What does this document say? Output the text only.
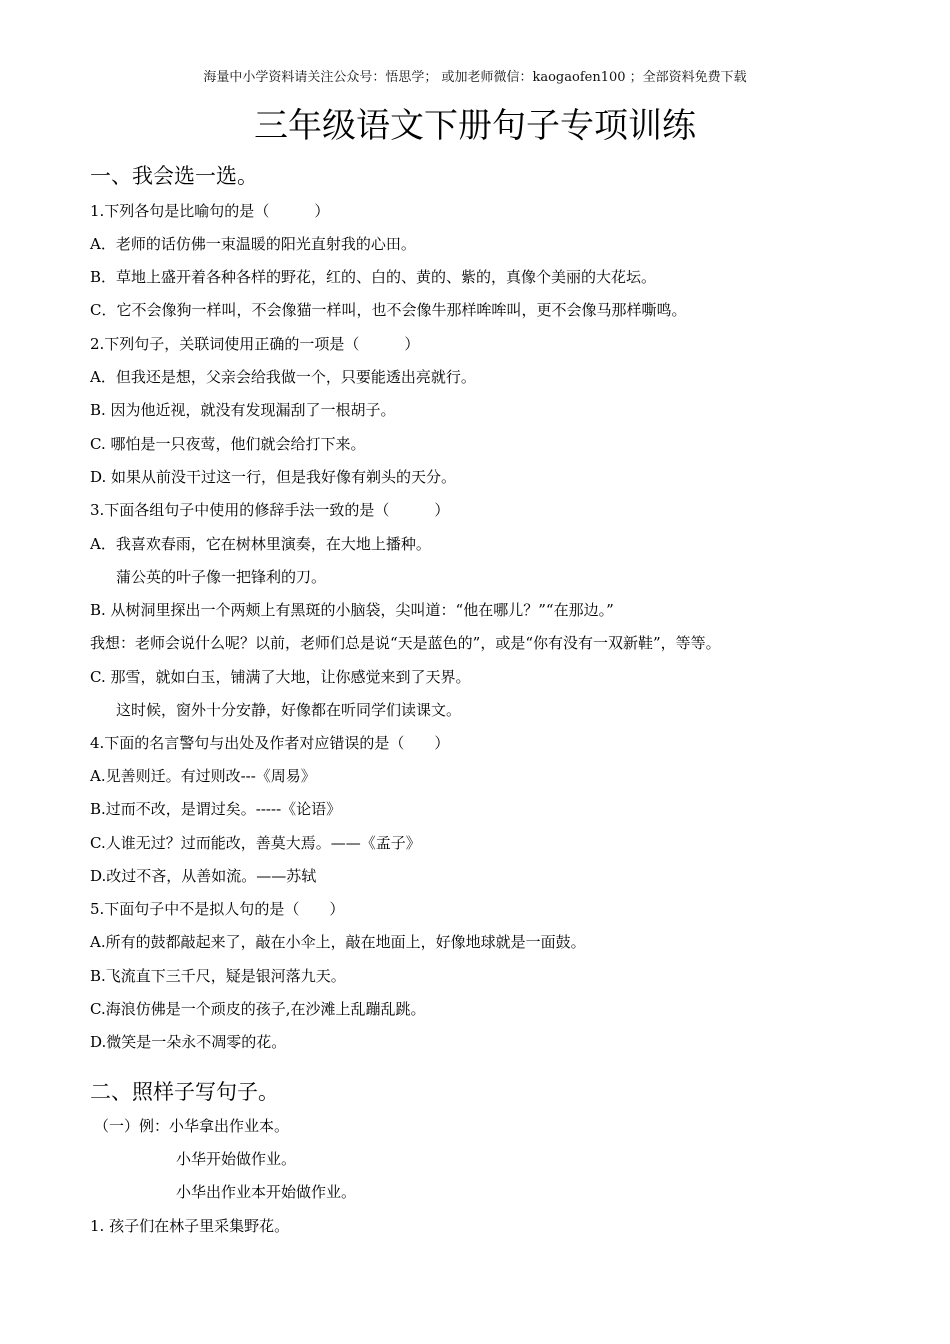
海量中小学资料请关注公众号：悟思学； 或加老师微信：kaogaofen100 ；全部资料免费下载
三年级语文下册句子专项训练
一、我会选一选。
1.下列各句是比喻句的是（　　　）
A．老师的话仿佛一束温暖的阳光直射我的心田。
B．草地上盛开着各种各样的野花，红的、白的、黄的、紫的，真像个美丽的大花坛。
C．它不会像狗一样叫，不会像猫一样叫，也不会像牛那样哞哞叫，更不会像马那样嘶鸣。
2.下列句子，关联词使用正确的一项是（　　　）
A．但我还是想，父亲会给我做一个，只要能透出亮就行。
B. 因为他近视，就没有发现漏刮了一根胡子。
C. 哪怕是一只夜莺，他们就会给打下来。
D. 如果从前没干过这一行，但是我好像有剃头的天分。
3.下面各组句子中使用的修辞手法一致的是（　　　）
A．我喜欢春雨，它在树林里演奏，在大地上播种。
蒲公英的叶子像一把锋利的刀。
B. 从树洞里探出一个两颊上有黑斑的小脑袋，尖叫道：“他在哪儿？”“在那边。”
我想：老师会说什么呢？以前，老师们总是说“天是蓝色的”，或是“你有没有一双新鞋”，等等。
C. 那雪，就如白玉，铺满了大地，让你感觉来到了天界。
这时候，窗外十分安静，好像都在听同学们读课文。
4.下面的名言警句与出处及作者对应错误的是（　　）
A.见善则迁。有过则改---《周易》
B.过而不改，是谓过矣。-----《论语》
C.人谁无过？过而能改，善莫大焉。——《孟子》
D.改过不吝，从善如流。——苏轼
5.下面句子中不是拟人句的是（　　）
A.所有的鼓都敲起来了，敲在小伞上，敲在地面上，好像地球就是一面鼓。
B.飞流直下三千尺，疑是银河落九天。
C.海浪仿佛是一个顽皮的孩子,在沙滩上乱蹦乱跳。
D.微笑是一朵永不凋零的花。
二、照样子写句子。
（一）例：小华拿出作业本。
小华开始做作业。
小华出作业本开始做作业。
1. 孩子们在林子里采集野花。
